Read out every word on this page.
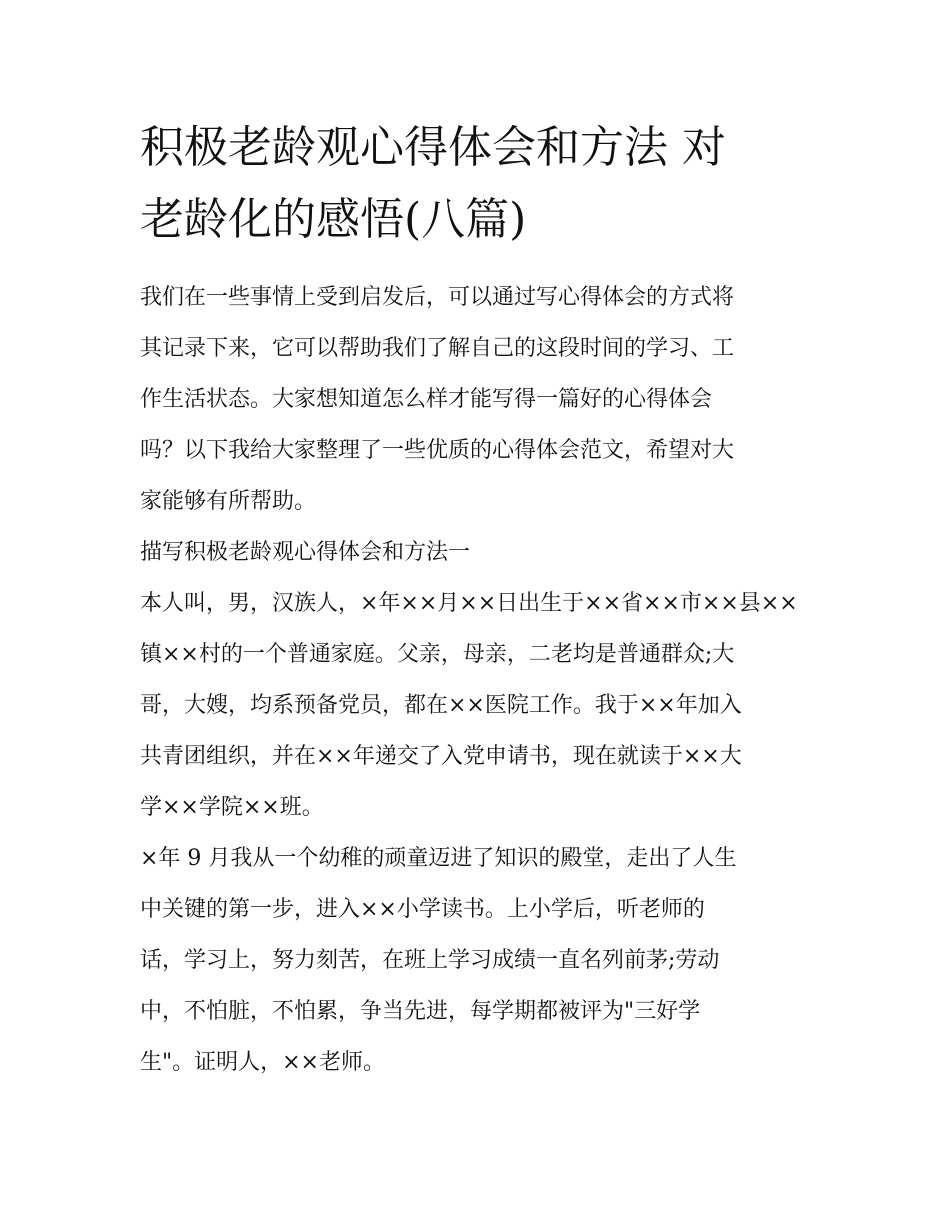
积极老龄观心得体会和方法 对
老龄化的感悟(八篇)

我们在一些事情上受到启发后，可以通过写心得体会的方式将
其记录下来，它可以帮助我们了解自己的这段时间的学习、工
作生活状态。大家想知道怎么样才能写得一篇好的心得体会
吗？以下我给大家整理了一些优质的心得体会范文，希望对大
家能够有所帮助。

描写积极老龄观心得体会和方法一

本人叫，男，汉族人，×年××月××日出生于××省××市××县××
镇××村的一个普通家庭。父亲，母亲，二老均是普通群众;大
哥，大嫂，均系预备党员，都在××医院工作。我于××年加入
共青团组织，并在××年递交了入党申请书，现在就读于××大
学××学院××班。

×年 9 月我从一个幼稚的顽童迈进了知识的殿堂，走出了人生
中关键的第一步，进入××小学读书。上小学后，听老师的
话，学习上，努力刻苦，在班上学习成绩一直名列前茅;劳动
中，不怕脏，不怕累，争当先进，每学期都被评为"三好学
生"。证明人，××老师。
